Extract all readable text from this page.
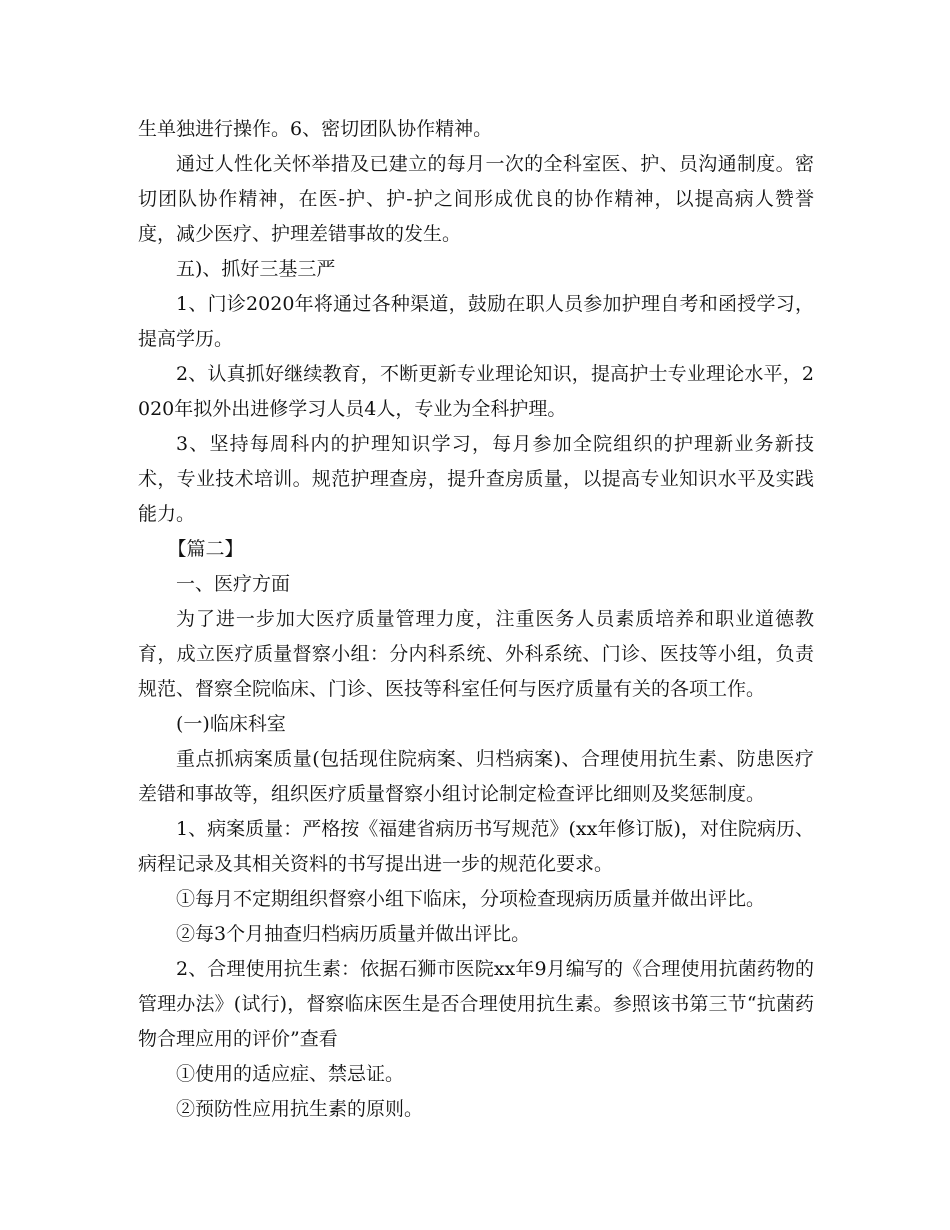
生单独进行操作。6、密切团队协作精神。

通过人性化关怀举措及已建立的每月一次的全科室医、护、员沟通制度。密切团队协作精神，在医-护、护-护之间形成优良的协作精神，以提高病人赞誉度，减少医疗、护理差错事故的发生。

五)、抓好三基三严

1、门诊2020年将通过各种渠道，鼓励在职人员参加护理自考和函授学习，提高学历。

2、认真抓好继续教育，不断更新专业理论知识，提高护士专业理论水平，2020年拟外出进修学习人员4人，专业为全科护理。

3、坚持每周科内的护理知识学习，每月参加全院组织的护理新业务新技术，专业技术培训。规范护理查房，提升查房质量，以提高专业知识水平及实践能力。

【篇二】

一、医疗方面

为了进一步加大医疗质量管理力度，注重医务人员素质培养和职业道德教育，成立医疗质量督察小组：分内科系统、外科系统、门诊、医技等小组，负责规范、督察全院临床、门诊、医技等科室任何与医疗质量有关的各项工作。

(一)临床科室

重点抓病案质量(包括现住院病案、归档病案)、合理使用抗生素、防患医疗差错和事故等，组织医疗质量督察小组讨论制定检查评比细则及奖惩制度。

1、病案质量：严格按《福建省病历书写规范》(xx年修订版)，对住院病历、病程记录及其相关资料的书写提出进一步的规范化要求。

①每月不定期组织督察小组下临床，分项检查现病历质量并做出评比。

②每3个月抽查归档病历质量并做出评比。

2、合理使用抗生素：依据石狮市医院xx年9月编写的《合理使用抗菌药物的管理办法》(试行)，督察临床医生是否合理使用抗生素。参照该书第三节“抗菌药物合理应用的评价”查看

①使用的适应症、禁忌证。

②预防性应用抗生素的原则。
